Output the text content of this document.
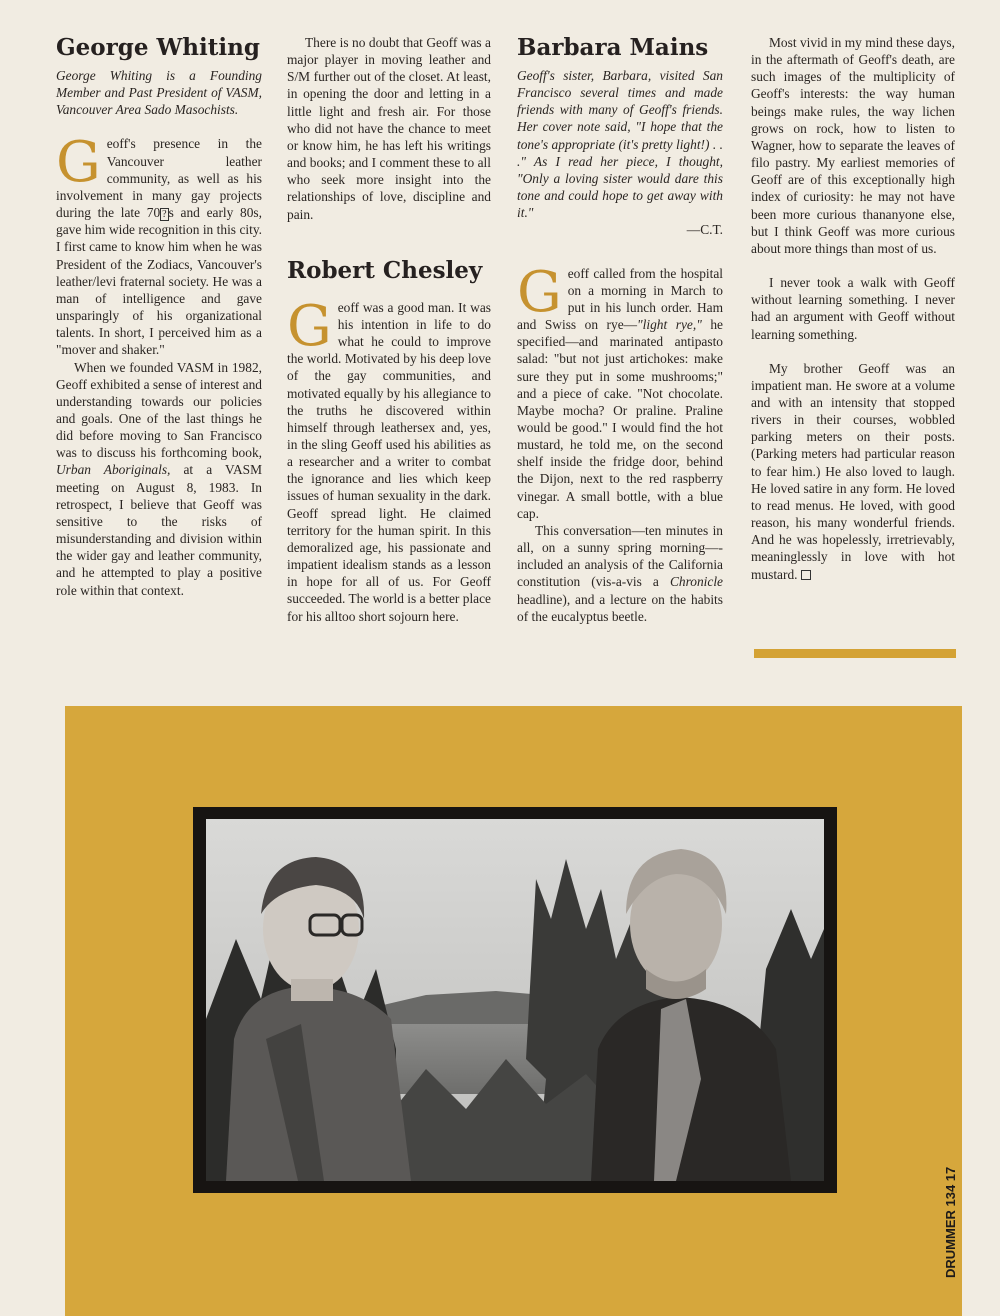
George Whiting

George Whiting is a Founding Member and Past President of VASM, Vancouver Area Sado Masochists.

Geoff's presence in the Vancouver leather community, as well as his involvement in many gay projects during the late 70 ? s and early 80s, gave him wide recognition in this city. I first came to know him when he was President of the Zodiacs, Vancouver's leather/levi fraternal society. He was a man of intelligence and gave unsparingly of his organizational talents. In short, I perceived him as a "mover and shaker."

When we founded VASM in 1982, Geoff exhibited a sense of interest and understanding towards our policies and goals. One of the last things he did before moving to San Francisco was to discuss his forthcoming book, Urban Aboriginals, at a VASM meeting on August 8, 1983. In retrospect, I believe that Geoff was sensitive to the risks of misunderstanding and division within the wider gay and leather community, and he attempted to play a positive role within that context.

There is no doubt that Geoff was a major player in moving leather and S/M further out of the closet. At least, in opening the door and letting in a little light and fresh air. For those who did not have the chance to meet or know him, he has left his writings and books; and I comment these to all who seek more insight into the relationships of love, discipline and pain.

Robert Chesley

Geoff was a good man. It was his intention in life to do what he could to improve the world. Motivated by his deep love of the gay communities, and motivated equally by his allegiance to the truths he discovered within himself through leathersex and, yes, in the sling Geoff used his abilities as a researcher and a writer to combat the ignorance and lies which keep issues of human sexuality in the dark. Geoff spread light. He claimed territory for the human spirit. In this demoralized age, his passionate and impatient idealism stands as a lesson in hope for all of us. For Geoff succeeded. The world is a better place for his alltoo short sojourn here.

Barbara Mains

Geoff's sister, Barbara, visited San Francisco several times and made friends with many of Geoff's friends. Her cover note said, "I hope that the tone's appropriate (it's pretty light!) . . ." As I read her piece, I thought, "Only a loving sister would dare this tone and could hope to get away with it."

—C.T.

Geoff called from the hospital on a morning in March to put in his lunch order. Ham and Swiss on rye—"light rye," he specified—and marinated antipasto salad: "but not just artichokes: make sure they put in some mushrooms;" and a piece of cake. "Not chocolate. Maybe mocha? Or praline. Praline would be good." I would find the hot mustard, he told me, on the second shelf inside the fridge door, behind the Dijon, next to the red raspberry vinegar. A small bottle, with a blue cap.

This conversation—ten minutes in all, on a sunny spring morning—-included an analysis of the California constitution (vis-a-vis a Chronicle headline), and a lecture on the habits of the eucalyptus beetle.

Most vivid in my mind these days, in the aftermath of Geoff's death, are such images of the multiplicity of Geoff's interests: the way human beings make rules, the way lichen grows on rock, how to listen to Wagner, how to separate the leaves of filo pastry. My earliest memories of Geoff are of this exceptionally high index of curiosity: he may not have been more curious thananyone else, but I think Geoff was more curious about more things than most of us.

I never took a walk with Geoff without learning something. I never had an argument with Geoff without learning something.

My brother Geoff was an impatient man. He swore at a volume and with an intensity that stopped rivers in their courses, wobbled parking meters on their posts. (Parking meters had particular reason to fear him.) He also loved to laugh. He loved satire in any form. He loved to read menus. He loved, with good reason, his many wonderful friends. And he was hopelessly, irretrievably, meaninglessly in love with hot mustard.

DRUMMER 134 17
